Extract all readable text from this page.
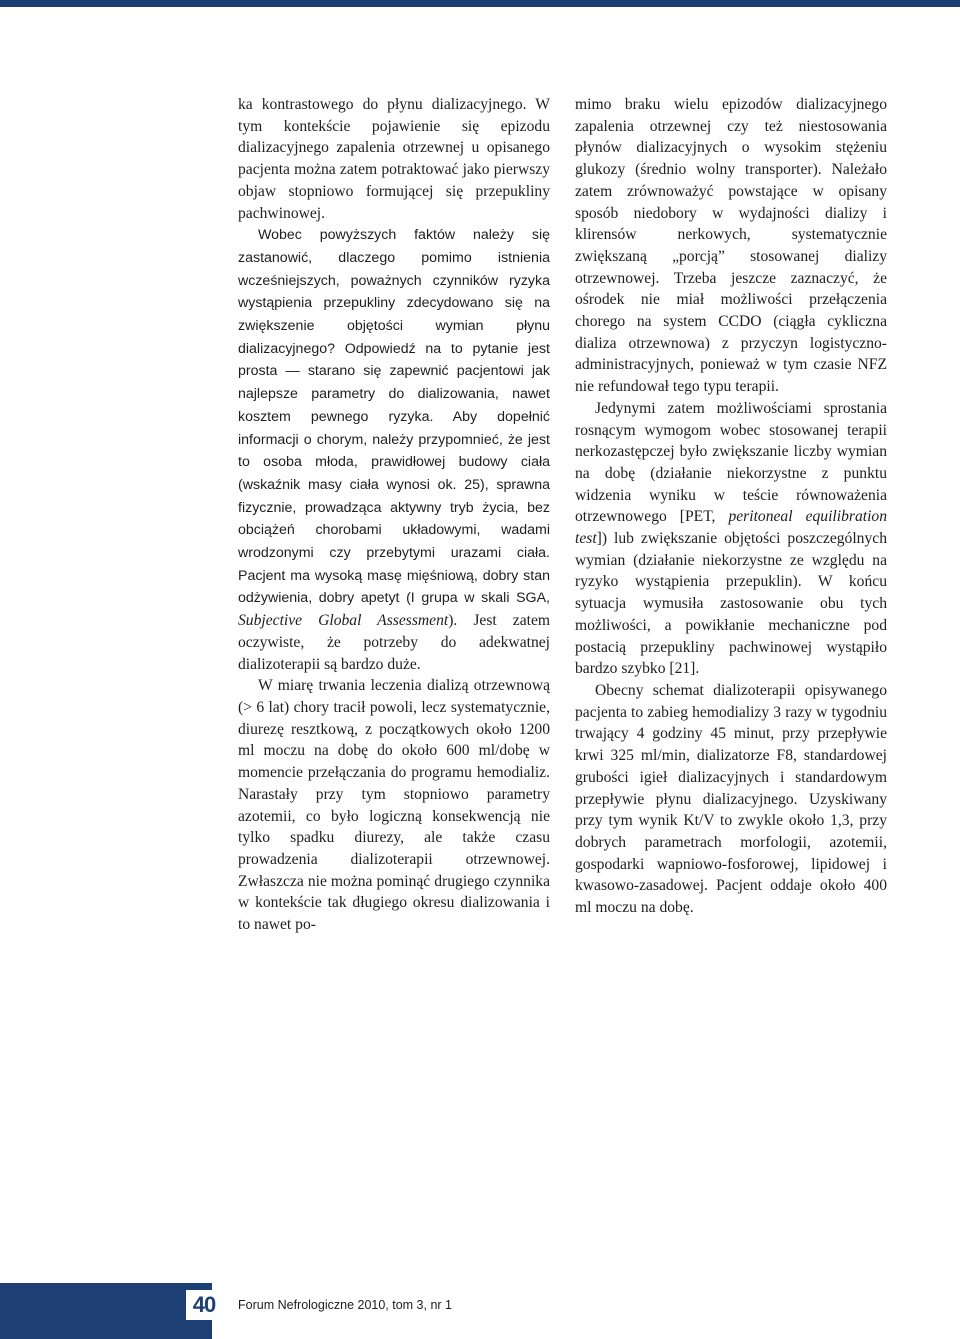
ka kontrastowego do płynu dializacyjnego. W tym kontekście pojawienie się epizodu dializacyjnego zapalenia otrzewnej u opisanego pacjenta można zatem potraktować jako pierwszy objaw stopniowo formującej się przepukliny pachwinowej.

Wobec powyższych faktów należy się zastanowić, dlaczego pomimo istnienia wcześniejszych, poważnych czynników ryzyka wystąpienia przepukliny zdecydowano się na zwiększenie objętości wymian płynu dializacyjnego? Odpowiedź na to pytanie jest prosta — starano się zapewnić pacjentowi jak najlepsze parametry do dializowania, nawet kosztem pewnego ryzyka. Aby dopełnić informacji o chorym, należy przypomnieć, że jest to osoba młoda, prawidłowej budowy ciała (wskaźnik masy ciała wynosi ok. 25), sprawna fizycznie, prowadząca aktywny tryb życia, bez obciążeń chorobami układowymi, wadami wrodzonymi czy przebytymi urazami ciała. Pacjent ma wysoką masę mięśniową, dobry stan odżywienia, dobry apetyt (I grupa w skali SGA, Subjective Global Assessment). Jest zatem oczywiste, że potrzeby do adekwatnej dializoterapii są bardzo duże.

W miarę trwania leczenia dializą otrzewnową (> 6 lat) chory tracił powoli, lecz systematycznie, diurezę resztkową, z początkowych około 1200 ml moczu na dobę do około 600 ml/dobę w momencie przełączania do programu hemodializ. Narastały przy tym stopniowo parametry azotemii, co było logiczną konsekwencją nie tylko spadku diurezy, ale także czasu prowadzenia dializoterapii otrzewnowej. Zwłaszcza nie można pominąć drugiego czynnika w kontekście tak długiego okresu dializowania i to nawet po-

mimo braku wielu epizodów dializacyjnego zapalenia otrzewnej czy też niestosowania płynów dializacyjnych o wysokim stężeniu glukozy (średnio wolny transporter). Należało zatem zrównoważyć powstające w opisany sposób niedobory w wydajności dializy i klirensów nerkowych, systematycznie zwiększaną „porcją” stosowanej dializy otrzewnowej. Trzeba jeszcze zaznaczyć, że ośrodek nie miał możliwości przełączenia chorego na system CCDO (ciągła cykliczna dializa otrzewnowa) z przyczyn logistyczno-administracyjnych, ponieważ w tym czasie NFZ nie refundował tego typu terapii.

Jedynymi zatem możliwościami sprostania rosnącym wymogom wobec stosowanej terapii nerkozastępczej było zwiększanie liczby wymian na dobę (działanie niekorzystne z punktu widzenia wyniku w teście równoważenia otrzewnowego [PET, peritoneal equilibration test]) lub zwiększanie objętości poszczególnych wymian (działanie niekorzystne ze względu na ryzyko wystąpienia przepuklin). W końcu sytuacja wymusiła zastosowanie obu tych możliwości, a powikłanie mechaniczne pod postacią przepukliny pachwinowej wystąpiło bardzo szybko [21].

Obecny schemat dializoterapii opisywanego pacjenta to zabieg hemodializy 3 razy w tygodniu trwający 4 godziny 45 minut, przy przepływie krwi 325 ml/min, dializatorze F8, standardowej grubości igieł dializacyjnych i standardowym przepływie płynu dializacyjnego. Uzyskiwany przy tym wynik Kt/V to zwykle około 1,3, przy dobrych parametrach morfologii, azotemii, gospodarki wapniowo-fosforowej, lipidowej i kwasowo-zasadowej. Pacjent oddaje około 400 ml moczu na dobę.

40	Forum Nefrologiczne 2010, tom 3, nr 1
